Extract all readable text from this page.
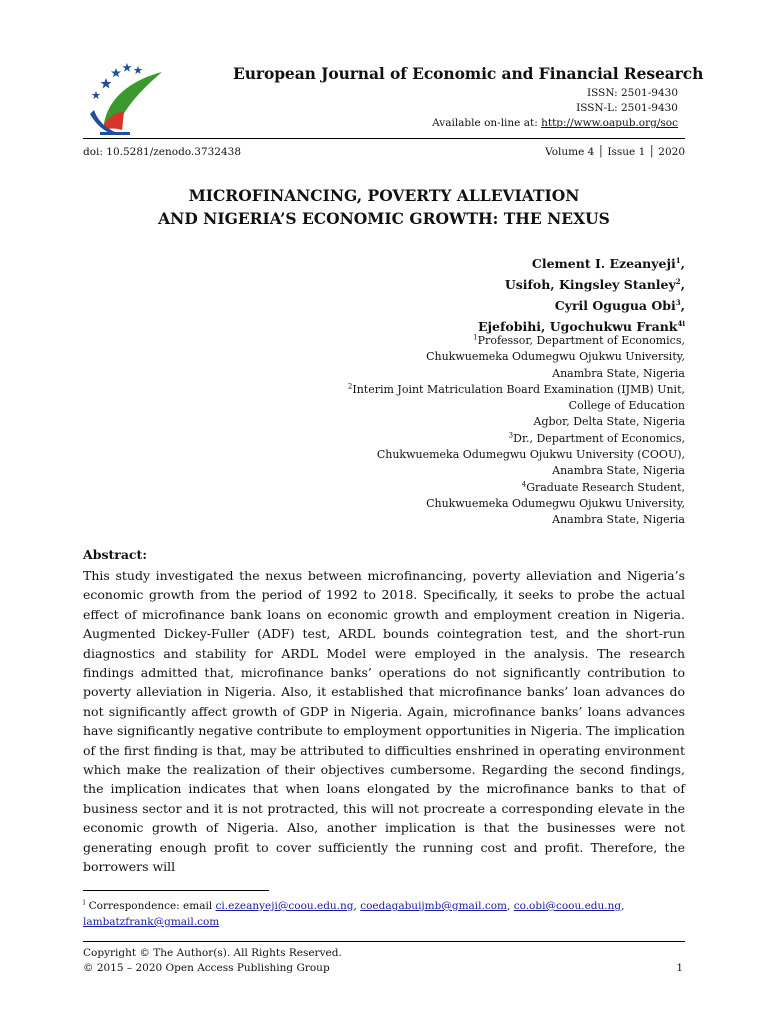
European Journal of Economic and Financial Research
ISSN: 2501-9430
ISSN-L: 2501-9430
Available on-line at: http://www.oapub.org/soc
doi: 10.5281/zenodo.3732438	Volume 4 │ Issue 1 │ 2020
MICROFINANCING, POVERTY ALLEVIATION
AND NIGERIA’S ECONOMIC GROWTH: THE NEXUS
Clement I. Ezeanyeji$^1$,
Usifoh, Kingsley Stanley$^2$,
Cyril Ogugua Obi$^3$,
Ejefobihi, Ugochukwu Frank$^{4i}$
$^1$Professor, Department of Economics,
Chukwuemeka Odumegwu Ojukwu University,
Anambra State, Nigeria
$^2$Interim Joint Matriculation Board Examination (IJMB) Unit,
College of Education
Agbor, Delta State, Nigeria
$^3$Dr., Department of Economics,
Chukwuemeka Odumegwu Ojukwu University (COOU),
Anambra State, Nigeria
$^4$Graduate Research Student,
Chukwuemeka Odumegwu Ojukwu University,
Anambra State, Nigeria
Abstract:
This study investigated the nexus between microfinancing, poverty alleviation and Nigeria’s economic growth from the period of 1992 to 2018. Specifically, it seeks to probe the actual effect of microfinance bank loans on economic growth and employment creation in Nigeria. Augmented Dickey-Fuller (ADF) test, ARDL bounds cointegration test, and the short-run diagnostics and stability for ARDL Model were employed in the analysis. The research findings admitted that, microfinance banks’ operations do not significantly contribution to poverty alleviation in Nigeria. Also, it established that microfinance banks’ loan advances do not significantly affect growth of GDP in Nigeria. Again, microfinance banks’ loans advances have significantly negative contribute to employment opportunities in Nigeria. The implication of the first finding is that, may be attributed to difficulties enshrined in operating environment which make the realization of their objectives cumbersome. Regarding the second findings, the implication indicates that when loans elongated by the microfinance banks to that of business sector and it is not protracted, this will not procreate a corresponding elevate in the economic growth of Nigeria. Also, another implication is that the businesses were not generating enough profit to cover sufficiently the running cost and profit. Therefore, the borrowers will
$^i$ Correspondence: email ci.ezeanyeji@coou.edu.ng, coedagabuijmb@gmail.com, co.obi@coou.edu.ng,
lambatzfrank@gmail.com
Copyright © The Author(s). All Rights Reserved.
© 2015 – 2020 Open Access Publishing Group	1
